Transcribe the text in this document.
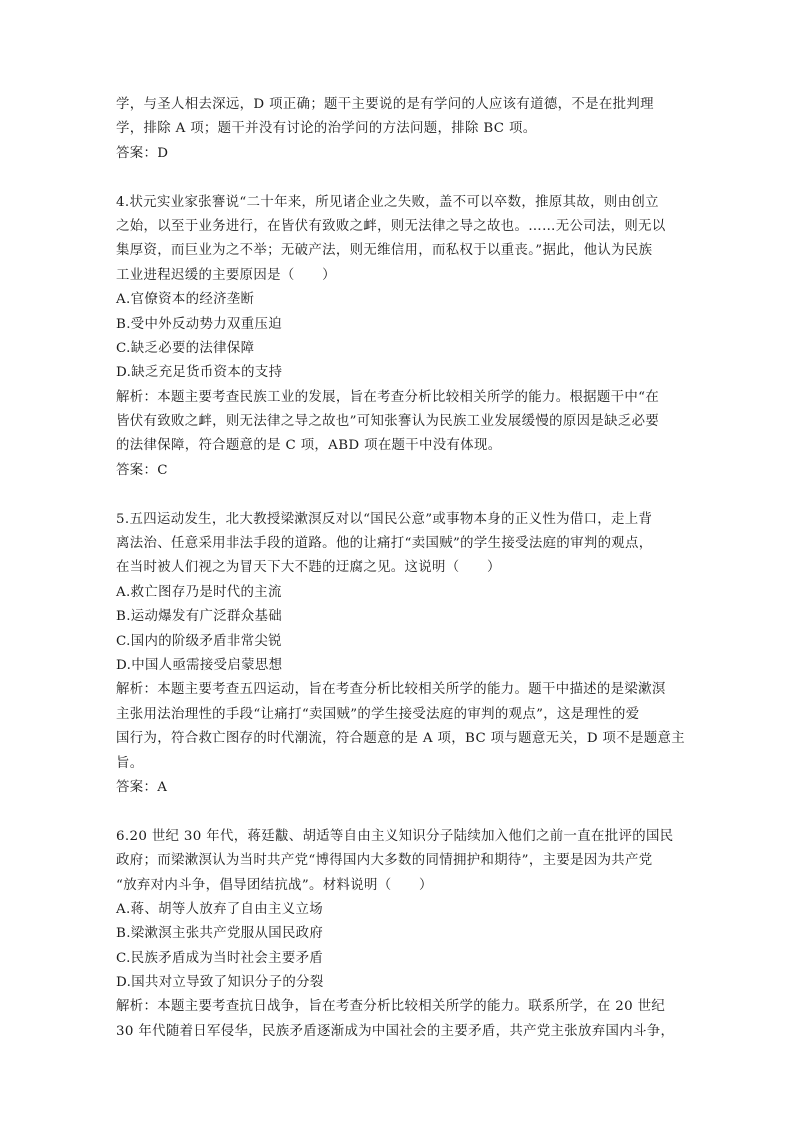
学，与圣人相去深远，D 项正确；题干主要说的是有学问的人应该有道德，不是在批判理
学，排除 A 项；题干并没有讨论的治学问的方法问题，排除 BC 项。
答案：D
4.状元实业家张謇说“二十年来，所见诸企业之失败，盖不可以卒数，推原其故，则由创立
之始，以至于业务进行，在皆伏有致败之衅，则无法律之导之故也。……无公司法，则无以
集厚资，而巨业为之不举；无破产法，则无维信用，而私权于以重丧。”据此，他认为民族
工业进程迟缓的主要原因是（　　）
A.官僚资本的经济垄断
B.受中外反动势力双重压迫
C.缺乏必要的法律保障
D.缺乏充足货币资本的支持
解析：本题主要考查民族工业的发展，旨在考查分析比较相关所学的能力。根据题干中“在
皆伏有致败之衅，则无法律之导之故也”可知张謇认为民族工业发展缓慢的原因是缺乏必要
的法律保障，符合题意的是 C 项，ABD 项在题干中没有体现。
答案：C
5.五四运动发生，北大教授梁漱溟反对以“国民公意”或事物本身的正义性为借口，走上背
离法治、任意采用非法手段的道路。他的让痛打“卖国贼”的学生接受法庭的审判的观点，
在当时被人们视之为冒天下大不韪的迂腐之见。这说明（　　）
A.救亡图存乃是时代的主流
B.运动爆发有广泛群众基础
C.国内的阶级矛盾非常尖锐
D.中国人亟需接受启蒙思想
解析：本题主要考查五四运动，旨在考查分析比较相关所学的能力。题干中描述的是梁漱溟
主张用法治理性的手段“让痛打“卖国贼”的学生接受法庭的审判的观点”，这是理性的爱
国行为，符合救亡图存的时代潮流，符合题意的是 A 项，BC 项与题意无关，D 项不是题意主
旨。
答案：A
6.20 世纪 30 年代，蒋廷黻、胡适等自由主义知识分子陆续加入他们之前一直在批评的国民
政府；而梁漱溟认为当时共产党“博得国内大多数的同情拥护和期待”，主要是因为共产党
“放弃对内斗争，倡导团结抗战”。材料说明（　　）
A.蒋、胡等人放弃了自由主义立场
B.梁漱溟主张共产党服从国民政府
C.民族矛盾成为当时社会主要矛盾
D.国共对立导致了知识分子的分裂
解析：本题主要考查抗日战争，旨在考查分析比较相关所学的能力。联系所学，在 20 世纪
30 年代随着日军侵华，民族矛盾逐渐成为中国社会的主要矛盾，共产党主张放弃国内斗争，
